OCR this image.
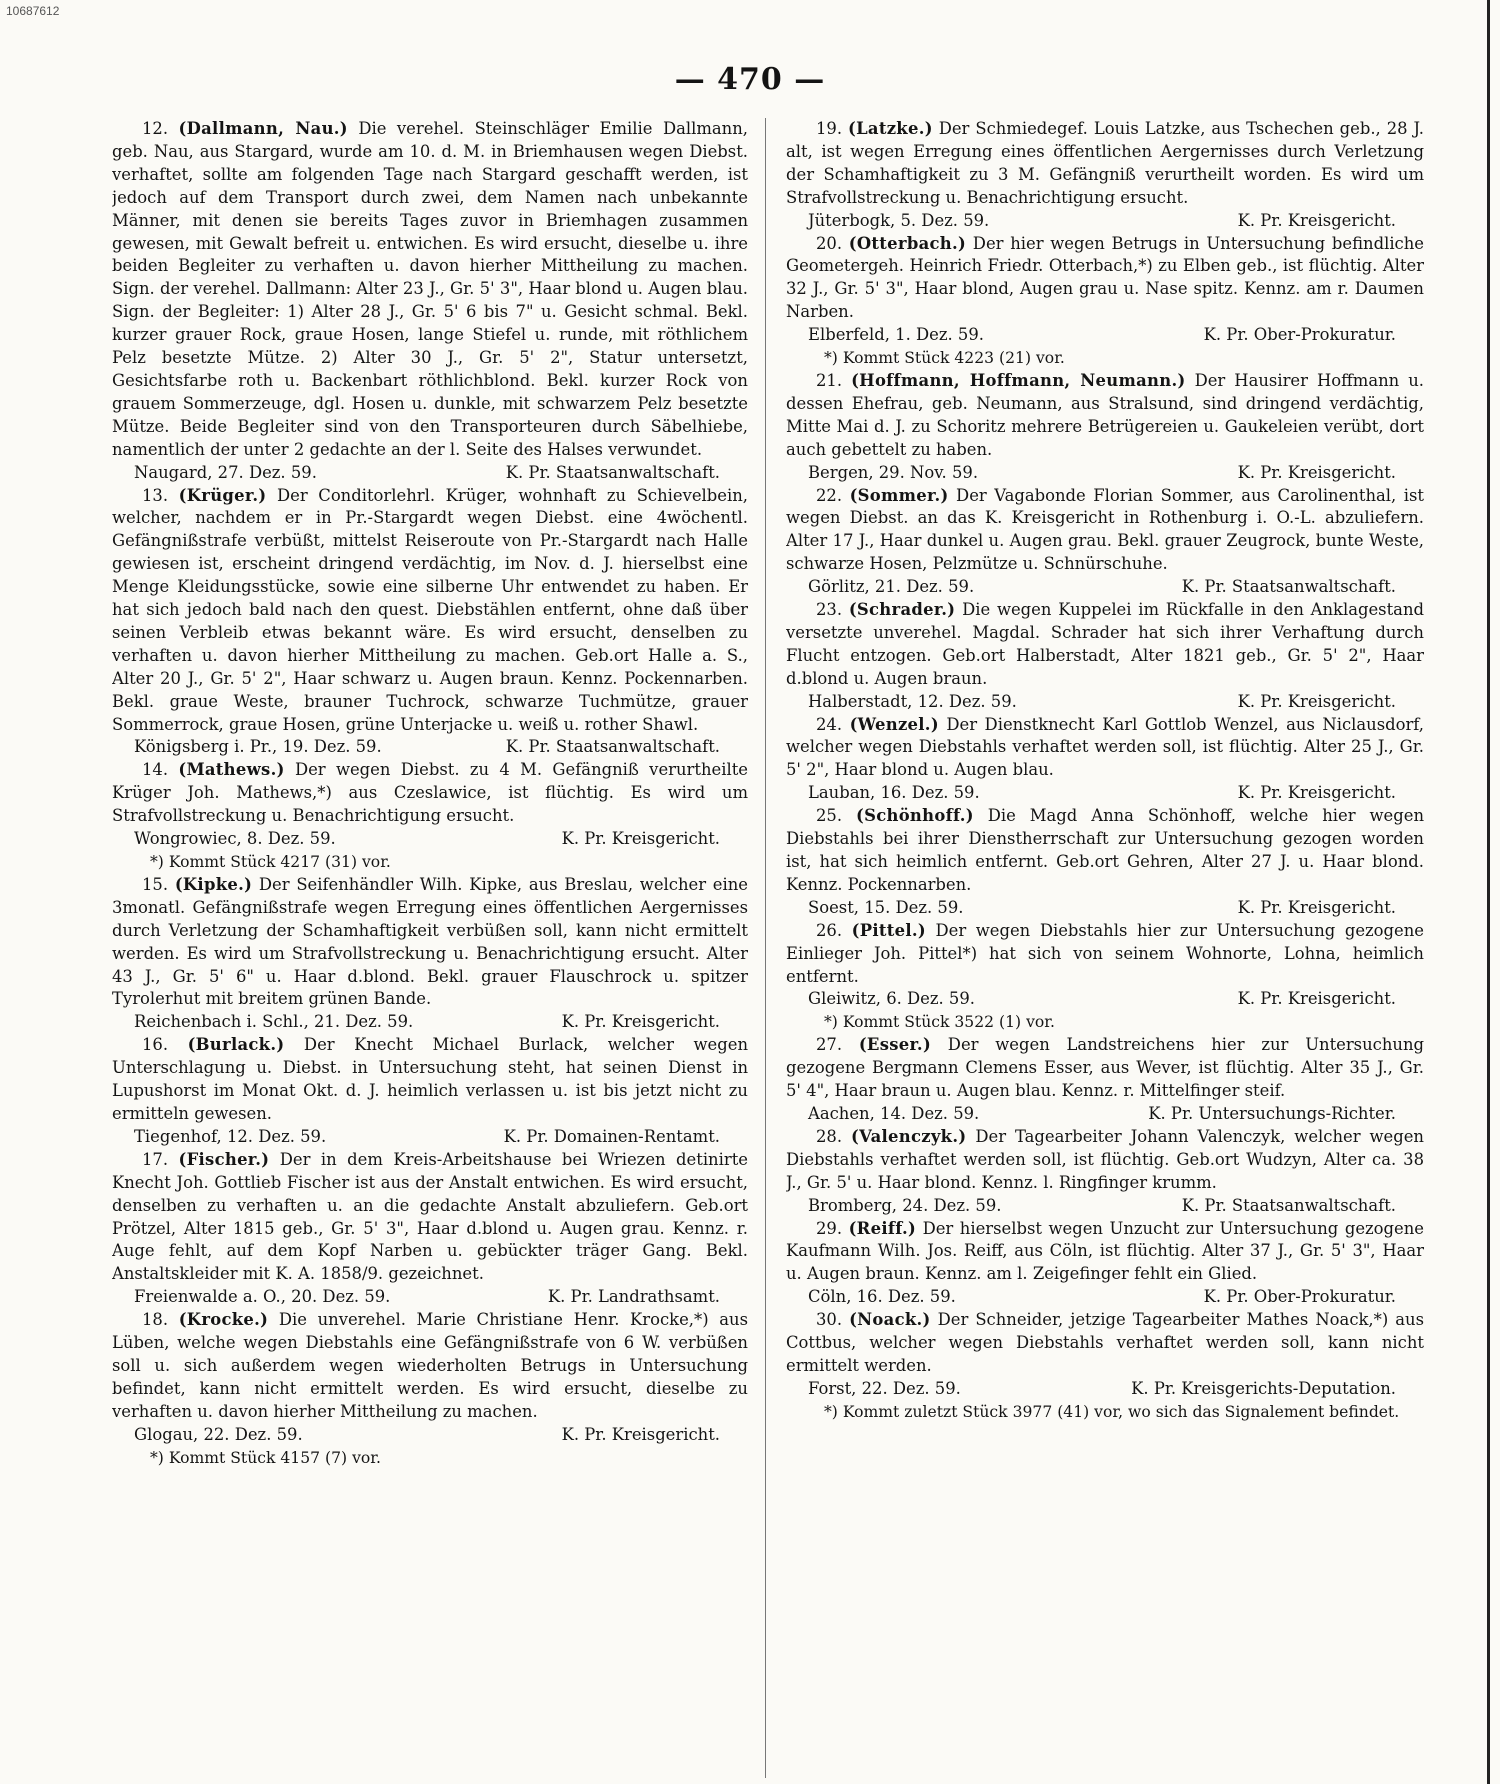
10687612
— 470 —
12. (Dallmann, Nau.) Die verehel. Steinschläger Emilie Dallmann, geb. Nau, aus Stargard, wurde am 10. d. M. in Briemhausen wegen Diebst. verhaftet, sollte am folgenden Tage nach Stargard geschafft werden, ist jedoch auf dem Transport durch zwei, dem Namen nach unbekannte Männer, mit denen sie bereits Tages zuvor in Briemhagen zusammen gewesen, mit Gewalt befreit u. entwichen. Es wird ersucht, dieselbe u. ihre beiden Begleiter zu verhaften u. davon hierher Mittheilung zu machen. Sign. der verehel. Dallmann: Alter 23 J., Gr. 5' 3", Haar blond u. Augen blau. Sign. der Begleiter: 1) Alter 28 J., Gr. 5' 6 bis 7" u. Gesicht schmal. Bekl. kurzer grauer Rock, graue Hosen, lange Stiefel u. runde, mit röthlichem Pelz besetzte Mütze. 2) Alter 30 J., Gr. 5' 2", Statur untersetzt, Gesichtsfarbe roth u. Backenbart röthlichblond. Bekl. kurzer Rock von grauem Sommerzeuge, dgl. Hosen u. dunkle, mit schwarzem Pelz besetzte Mütze. Beide Begleiter sind von den Transporteuren durch Säbelhiebe, namentlich der unter 2 gedachte an der l. Seite des Halses verwundet.
Naugard, 27. Dez. 59.	K. Pr. Staatsanwaltschaft.
13. (Krüger.) Der Conditorlehrl. Krüger, wohnhaft zu Schievelbein, welcher, nachdem er in Pr.-Stargardt wegen Diebst. eine 4wöchentl. Gefängnißstrafe verbüßt, mittelst Reiseroute von Pr.-Stargardt nach Halle gewiesen ist, erscheint dringend verdächtig, im Nov. d. J. hierselbst eine Menge Kleidungsstücke, sowie eine silberne Uhr entwendet zu haben. Er hat sich jedoch bald nach den quest. Diebstählen entfernt, ohne daß über seinen Verbleib etwas bekannt wäre. Es wird ersucht, denselben zu verhaften u. davon hierher Mittheilung zu machen. Geb.ort Halle a. S., Alter 20 J., Gr. 5' 2", Haar schwarz u. Augen braun. Kennz. Pockennarben. Bekl. graue Weste, brauner Tuchrock, schwarze Tuchmütze, grauer Sommerrock, graue Hosen, grüne Unterjacke u. weiß u. rother Shawl.
Königsberg i. Pr., 19. Dez. 59.	K. Pr. Staatsanwaltschaft.
14. (Mathews.) Der wegen Diebst. zu 4 M. Gefängniß verurtheilte Krüger Joh. Mathews,*) aus Czeslawice, ist flüchtig. Es wird um Strafvollstreckung u. Benachrichtigung ersucht.
Wongrowiec, 8. Dez. 59.	K. Pr. Kreisgericht.
*) Kommt Stück 4217 (31) vor.
15. (Kipke.) Der Seifenhändler Wilh. Kipke, aus Breslau, welcher eine 3monatl. Gefängnißstrafe wegen Erregung eines öffentlichen Aergernisses durch Verletzung der Schamhaftigkeit verbüßen soll, kann nicht ermittelt werden. Es wird um Strafvollstreckung u. Benachrichtigung ersucht. Alter 43 J., Gr. 5' 6" u. Haar d.blond. Bekl. grauer Flauschrock u. spitzer Tyrolerhut mit breitem grünen Bande.
Reichenbach i. Schl., 21. Dez. 59.	K. Pr. Kreisgericht.
16. (Burlack.) Der Knecht Michael Burlack, welcher wegen Unterschlagung u. Diebst. in Untersuchung steht, hat seinen Dienst in Lupushorst im Monat Okt. d. J. heimlich verlassen u. ist bis jetzt nicht zu ermitteln gewesen.
Tiegenhof, 12. Dez. 59.	K. Pr. Domainen-Rentamt.
17. (Fischer.) Der in dem Kreis-Arbeitshause bei Wriezen detinirte Knecht Joh. Gottlieb Fischer ist aus der Anstalt entwichen. Es wird ersucht, denselben zu verhaften u. an die gedachte Anstalt abzuliefern. Geb.ort Prötzel, Alter 1815 geb., Gr. 5' 3", Haar d.blond u. Augen grau. Kennz. r. Auge fehlt, auf dem Kopf Narben u. gebückter träger Gang. Bekl. Anstaltskleider mit K. A. 1858/9. gezeichnet.
Freienwalde a. O., 20. Dez. 59.	K. Pr. Landrathsamt.
18. (Krocke.) Die unverehel. Marie Christiane Henr. Krocke,*) aus Lüben, welche wegen Diebstahls eine Gefängnißstrafe von 6 W. verbüßen soll u. sich außerdem wegen wiederholten Betrugs in Untersuchung befindet, kann nicht ermittelt werden. Es wird ersucht, dieselbe zu verhaften u. davon hierher Mittheilung zu machen.
Glogau, 22. Dez. 59.	K. Pr. Kreisgericht.
*) Kommt Stück 4157 (7) vor.
19. (Latzke.) Der Schmiedegef. Louis Latzke, aus Tschechen geb., 28 J. alt, ist wegen Erregung eines öffentlichen Aergernisses durch Verletzung der Schamhaftigkeit zu 3 M. Gefängniß verurtheilt worden. Es wird um Strafvollstreckung u. Benachrichtigung ersucht.
Jüterbogk, 5. Dez. 59.	K. Pr. Kreisgericht.
20. (Otterbach.) Der hier wegen Betrugs in Untersuchung befindliche Geometergeh. Heinrich Friedr. Otterbach,*) zu Elben geb., ist flüchtig. Alter 32 J., Gr. 5' 3", Haar blond, Augen grau u. Nase spitz. Kennz. am r. Daumen Narben.
Elberfeld, 1. Dez. 59.	K. Pr. Ober-Prokuratur.
*) Kommt Stück 4223 (21) vor.
21. (Hoffmann, Hoffmann, Neumann.) Der Hausirer Hoffmann u. dessen Ehefrau, geb. Neumann, aus Stralsund, sind dringend verdächtig, Mitte Mai d. J. zu Schoritz mehrere Betrügereien u. Gaukeleien verübt, dort auch gebettelt zu haben.
Bergen, 29. Nov. 59.	K. Pr. Kreisgericht.
22. (Sommer.) Der Vagabonde Florian Sommer, aus Carolinenthal, ist wegen Diebst. an das K. Kreisgericht in Rothenburg i. O.-L. abzuliefern. Alter 17 J., Haar dunkel u. Augen grau. Bekl. grauer Zeugrock, bunte Weste, schwarze Hosen, Pelzmütze u. Schnürschuhe.
Görlitz, 21. Dez. 59.	K. Pr. Staatsanwaltschaft.
23. (Schrader.) Die wegen Kuppelei im Rückfalle in den Anklagestand versetzte unverehel. Magdal. Schrader hat sich ihrer Verhaftung durch Flucht entzogen. Geb.ort Halberstadt, Alter 1821 geb., Gr. 5' 2", Haar d.blond u. Augen braun.
Halberstadt, 12. Dez. 59.	K. Pr. Kreisgericht.
24. (Wenzel.) Der Dienstknecht Karl Gottlob Wenzel, aus Niclausdorf, welcher wegen Diebstahls verhaftet werden soll, ist flüchtig. Alter 25 J., Gr. 5' 2", Haar blond u. Augen blau.
Lauban, 16. Dez. 59.	K. Pr. Kreisgericht.
25. (Schönhoff.) Die Magd Anna Schönhoff, welche hier wegen Diebstahls bei ihrer Dienstherrschaft zur Untersuchung gezogen worden ist, hat sich heimlich entfernt. Geb.ort Gehren, Alter 27 J. u. Haar blond. Kennz. Pockennarben.
Soest, 15. Dez. 59.	K. Pr. Kreisgericht.
26. (Pittel.) Der wegen Diebstahls hier zur Untersuchung gezogene Einlieger Joh. Pittel*) hat sich von seinem Wohnorte, Lohna, heimlich entfernt.
Gleiwitz, 6. Dez. 59.	K. Pr. Kreisgericht.
*) Kommt Stück 3522 (1) vor.
27. (Esser.) Der wegen Landstreichens hier zur Untersuchung gezogene Bergmann Clemens Esser, aus Wever, ist flüchtig. Alter 35 J., Gr. 5' 4", Haar braun u. Augen blau. Kennz. r. Mittelfinger steif.
Aachen, 14. Dez. 59.	K. Pr. Untersuchungs-Richter.
28. (Valenczyk.) Der Tagearbeiter Johann Valenczyk, welcher wegen Diebstahls verhaftet werden soll, ist flüchtig. Geb.ort Wudzyn, Alter ca. 38 J., Gr. 5' u. Haar blond. Kennz. l. Ringfinger krumm.
Bromberg, 24. Dez. 59.	K. Pr. Staatsanwaltschaft.
29. (Reiff.) Der hierselbst wegen Unzucht zur Untersuchung gezogene Kaufmann Wilh. Jos. Reiff, aus Cöln, ist flüchtig. Alter 37 J., Gr. 5' 3", Haar u. Augen braun. Kennz. am l. Zeigefinger fehlt ein Glied.
Cöln, 16. Dez. 59.	K. Pr. Ober-Prokuratur.
30. (Noack.) Der Schneider, jetzige Tagearbeiter Mathes Noack,*) aus Cottbus, welcher wegen Diebstahls verhaftet werden soll, kann nicht ermittelt werden.
Forst, 22. Dez. 59.	K. Pr. Kreisgerichts-Deputation.
*) Kommt zuletzt Stück 3977 (41) vor, wo sich das Signalement befindet.
